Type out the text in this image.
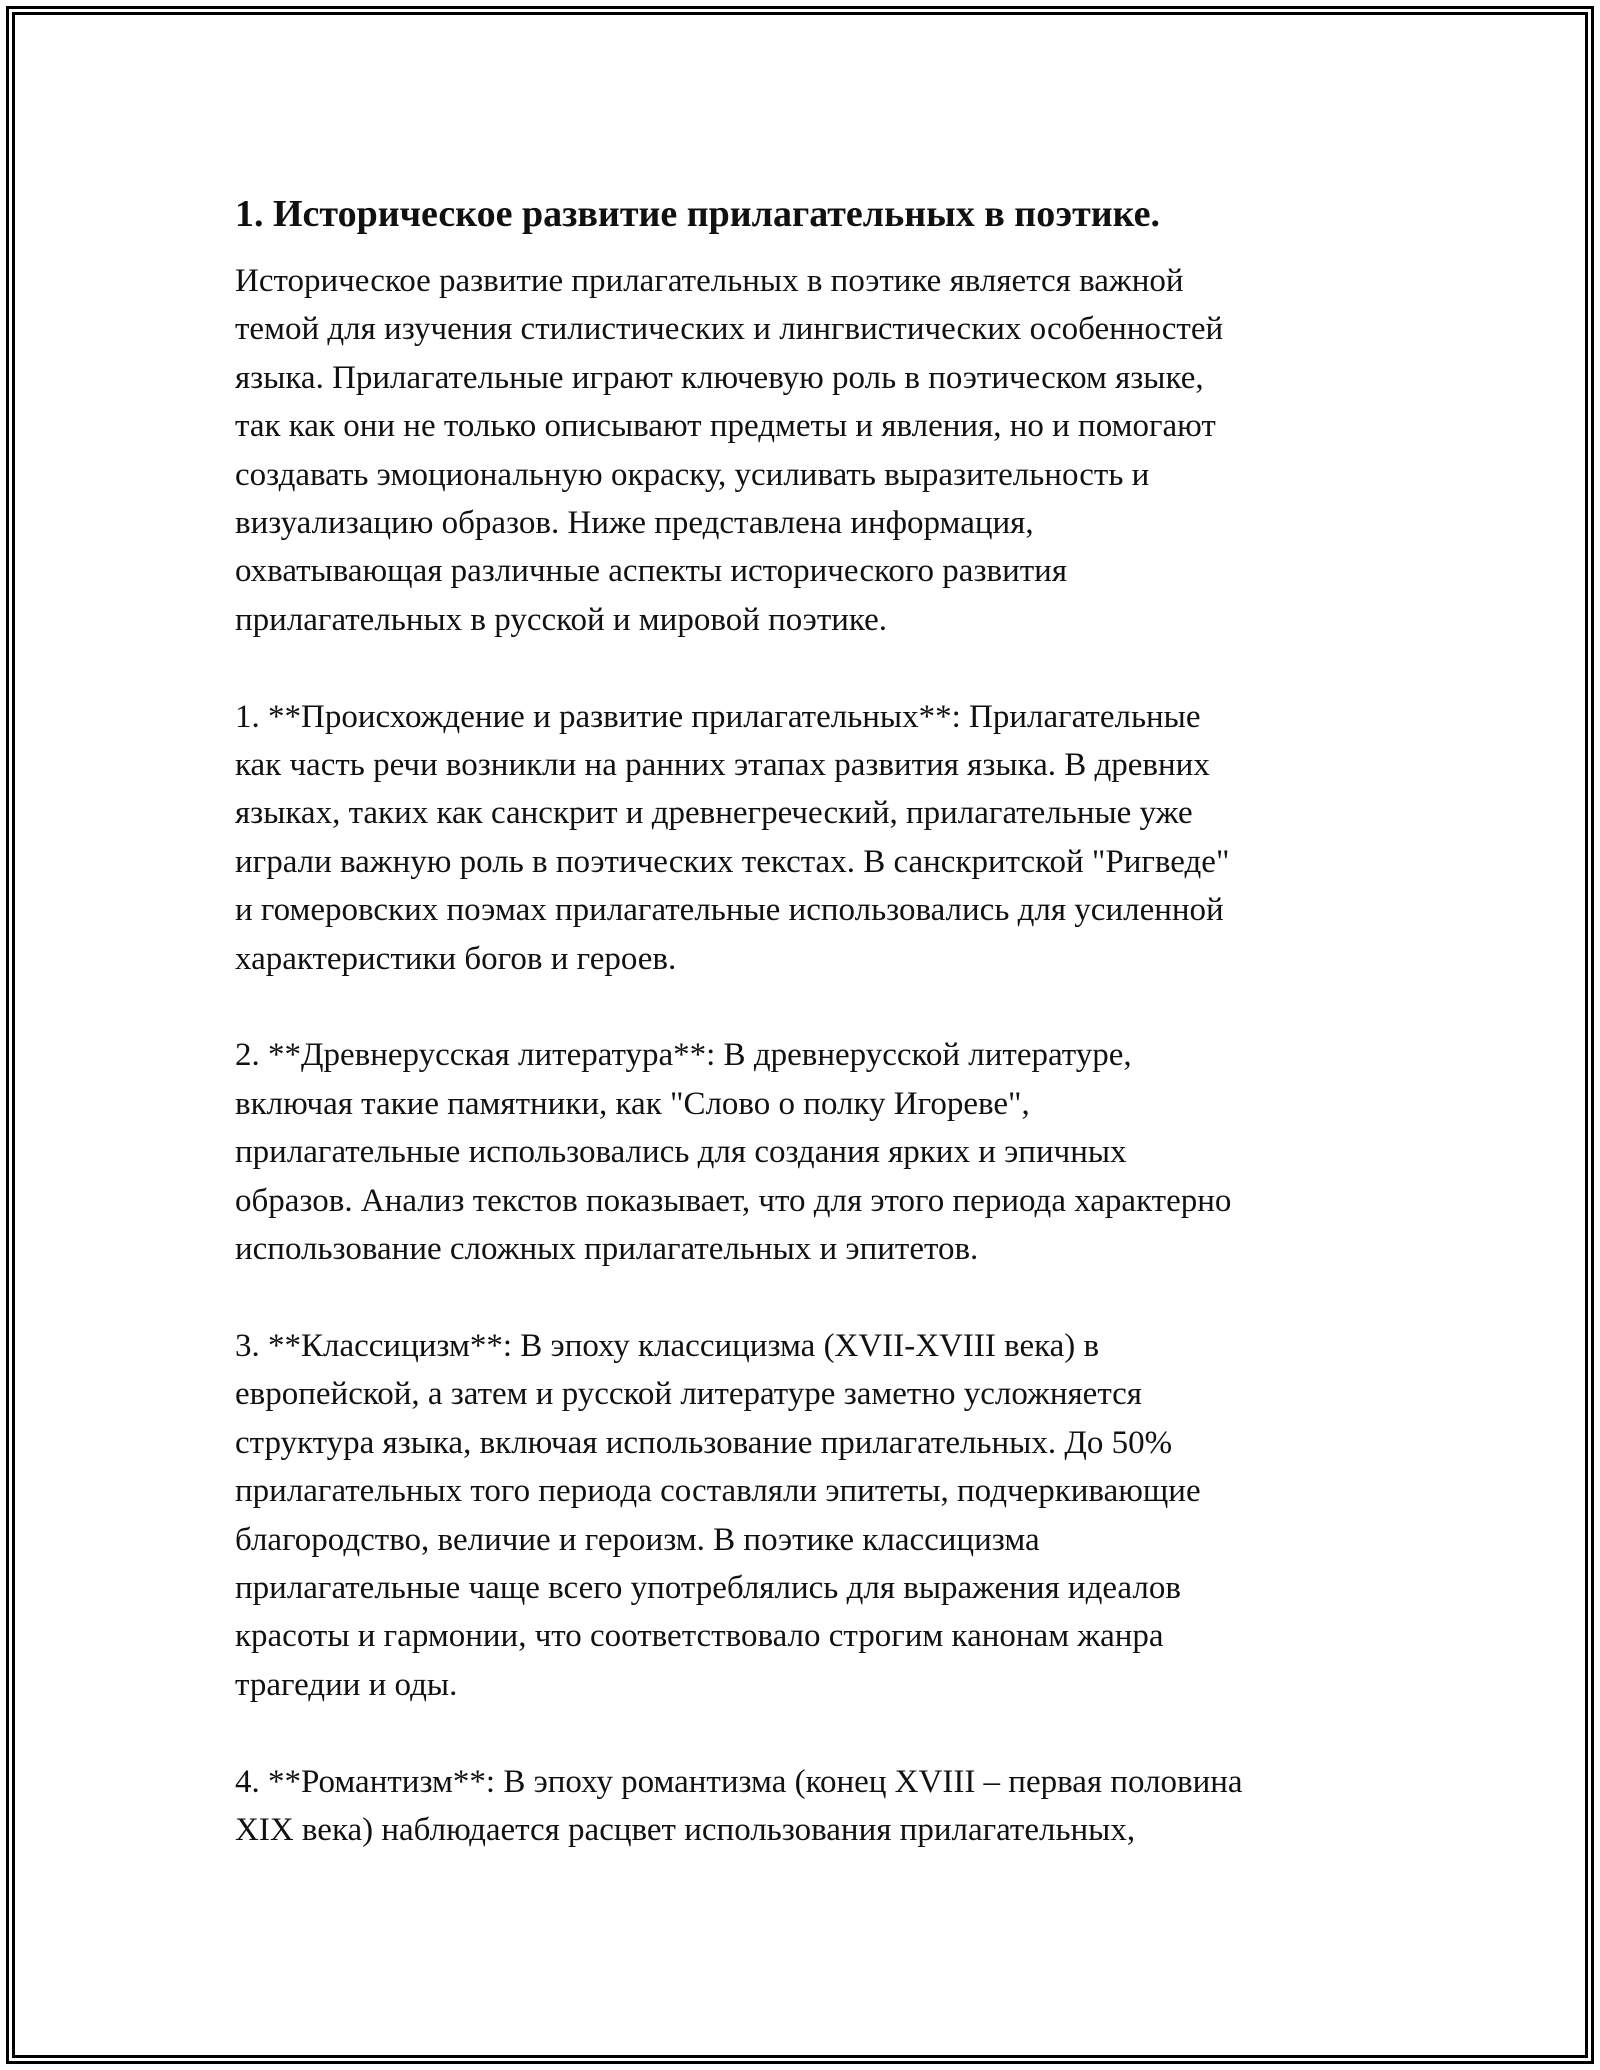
1. Историческое развитие прилагательных в поэтике.

Историческое развитие прилагательных в поэтике является важной
темой для изучения стилистических и лингвистических особенностей
языка. Прилагательные играют ключевую роль в поэтическом языке,
так как они не только описывают предметы и явления, но и помогают
создавать эмоциональную окраску, усиливать выразительность и
визуализацию образов. Ниже представлена информация,
охватывающая различные аспекты исторического развития
прилагательных в русской и мировой поэтике.

1. **Происхождение и развитие прилагательных**: Прилагательные
как часть речи возникли на ранних этапах развития языка. В древних
языках, таких как санскрит и древнегреческий, прилагательные уже
играли важную роль в поэтических текстах. В санскритской "Ригведе"
и гомеровских поэмах прилагательные использовались для усиленной
характеристики богов и героев.

2. **Древнерусская литература**: В древнерусской литературе,
включая такие памятники, как "Слово о полку Игореве",
прилагательные использовались для создания ярких и эпичных
образов. Анализ текстов показывает, что для этого периода характерно
использование сложных прилагательных и эпитетов.

3. **Классицизм**: В эпоху классицизма (XVII-XVIII века) в
европейской, а затем и русской литературе заметно усложняется
структура языка, включая использование прилагательных. До 50%
прилагательных того периода составляли эпитеты, подчеркивающие
благородство, величие и героизм. В поэтике классицизма
прилагательные чаще всего употреблялись для выражения идеалов
красоты и гармонии, что соответствовало строгим канонам жанра
трагедии и оды.

4. **Романтизм**: В эпоху романтизма (конец XVIII – первая половина
XIX века) наблюдается расцвет использования прилагательных,
